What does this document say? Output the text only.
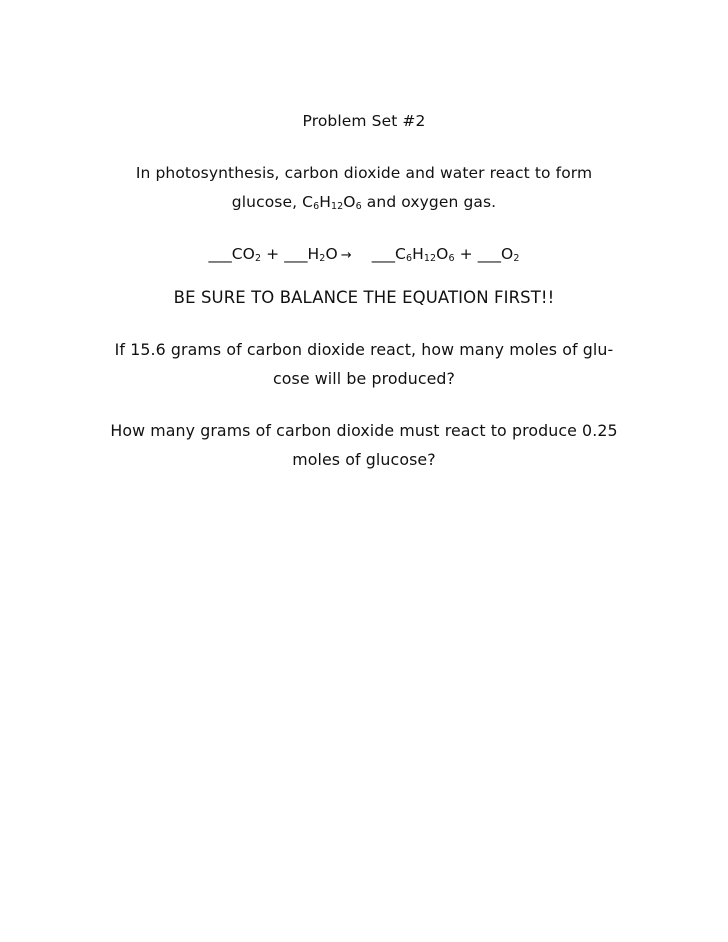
Problem Set #2
In photosynthesis, carbon dioxide and water react to form
glucose, $C_6H_{12}O_6$ and oxygen gas.
$\_\_\_CO_2$ + $\_\_\_H_2O\to$ $\_\_\_C_6H_{12}O_6$ + $\_\_\_O_2$
BE SURE TO BALANCE THE EQUATION FIRST!!
If 15.6 grams of carbon dioxide react, how many moles of glu-
cose will be produced?
How many grams of carbon dioxide must react to produce 0.25
moles of glucose?
